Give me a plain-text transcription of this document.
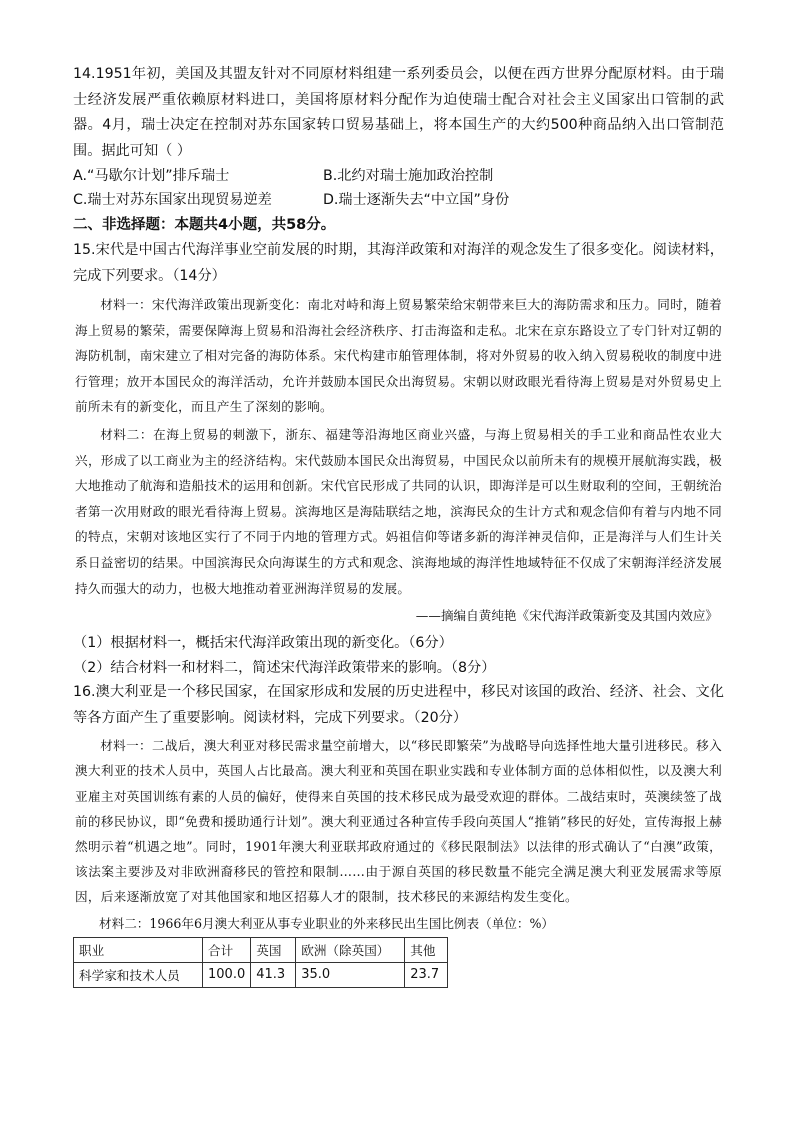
14.1951年初，美国及其盟友针对不同原材料组建一系列委员会，以便在西方世界分配原材料。由于瑞士经济发展严重依赖原材料进口，美国将原材料分配作为迫使瑞士配合对社会主义国家出口管制的武器。4月，瑞士决定在控制对苏东国家转口贸易基础上，将本国生产的大约500种商品纳入出口管制范围。据此可知（ ）

A.“马歇尔计划”排斥瑞士	B.北约对瑞士施加政治控制
C.瑞士对苏东国家出现贸易逆差	D.瑞士逐渐失去“中立国”身份

二、非选择题：本题共4小题，共58分。

15.宋代是中国古代海洋事业空前发展的时期，其海洋政策和对海洋的观念发生了很多变化。阅读材料，完成下列要求。（14分）

材料一：宋代海洋政策出现新变化：南北对峙和海上贸易繁荣给宋朝带来巨大的海防需求和压力。同时，随着海上贸易的繁荣，需要保障海上贸易和沿海社会经济秩序、打击海盗和走私。北宋在京东路设立了专门针对辽朝的海防机制，南宋建立了相对完备的海防体系。宋代构建市舶管理体制，将对外贸易的收入纳入贸易税收的制度中进行管理；放开本国民众的海洋活动，允许并鼓励本国民众出海贸易。宋朝以财政眼光看待海上贸易是对外贸易史上前所未有的新变化，而且产生了深刻的影响。

材料二：在海上贸易的刺激下，浙东、福建等沿海地区商业兴盛，与海上贸易相关的手工业和商品性农业大兴，形成了以工商业为主的经济结构。宋代鼓励本国民众出海贸易，中国民众以前所未有的规模开展航海实践，极大地推动了航海和造船技术的运用和创新。宋代官民形成了共同的认识，即海洋是可以生财取利的空间，王朝统治者第一次用财政的眼光看待海上贸易。滨海地区是海陆联结之地，滨海民众的生计方式和观念信仰有着与内地不同的特点，宋朝对该地区实行了不同于内地的管理方式。妈祖信仰等诸多新的海洋神灵信仰，正是海洋与人们生计关系日益密切的结果。中国滨海民众向海谋生的方式和观念、滨海地域的海洋性地域特征不仅成了宋朝海洋经济发展持久而强大的动力，也极大地推动着亚洲海洋贸易的发展。

——摘编自黄纯艳《宋代海洋政策新变及其国内效应》

（1）根据材料一，概括宋代海洋政策出现的新变化。（6分）

（2）结合材料一和材料二，简述宋代海洋政策带来的影响。（8分）

16.澳大利亚是一个移民国家，在国家形成和发展的历史进程中，移民对该国的政治、经济、社会、文化等各方面产生了重要影响。阅读材料，完成下列要求。（20分）

材料一：二战后，澳大利亚对移民需求量空前增大，以“移民即繁荣”为战略导向选择性地大量引进移民。移入澳大利亚的技术人员中，英国人占比最高。澳大利亚和英国在职业实践和专业体制方面的总体相似性，以及澳大利亚雇主对英国训练有素的人员的偏好，使得来自英国的技术移民成为最受欢迎的群体。二战结束时，英澳续签了战前的移民协议，即“免费和援助通行计划”。澳大利亚通过各种宣传手段向英国人“推销”移民的好处，宣传海报上赫然明示着“机遇之地”。同时，1901年澳大利亚联邦政府通过的《移民限制法》以法律的形式确认了“白澳”政策，该法案主要涉及对非欧洲裔移民的管控和限制……由于源自英国的移民数量不能完全满足澳大利亚发展需求等原因，后来逐渐放宽了对其他国家和地区招募人才的限制，技术移民的来源结构发生变化。

材料二：1966年6月澳大利亚从事专业职业的外来移民出生国比例表（单位：%）

职业	合计	英国	欧洲（除英国）	其他
科学家和技术人员	100.0	41.3	35.0	23.7
